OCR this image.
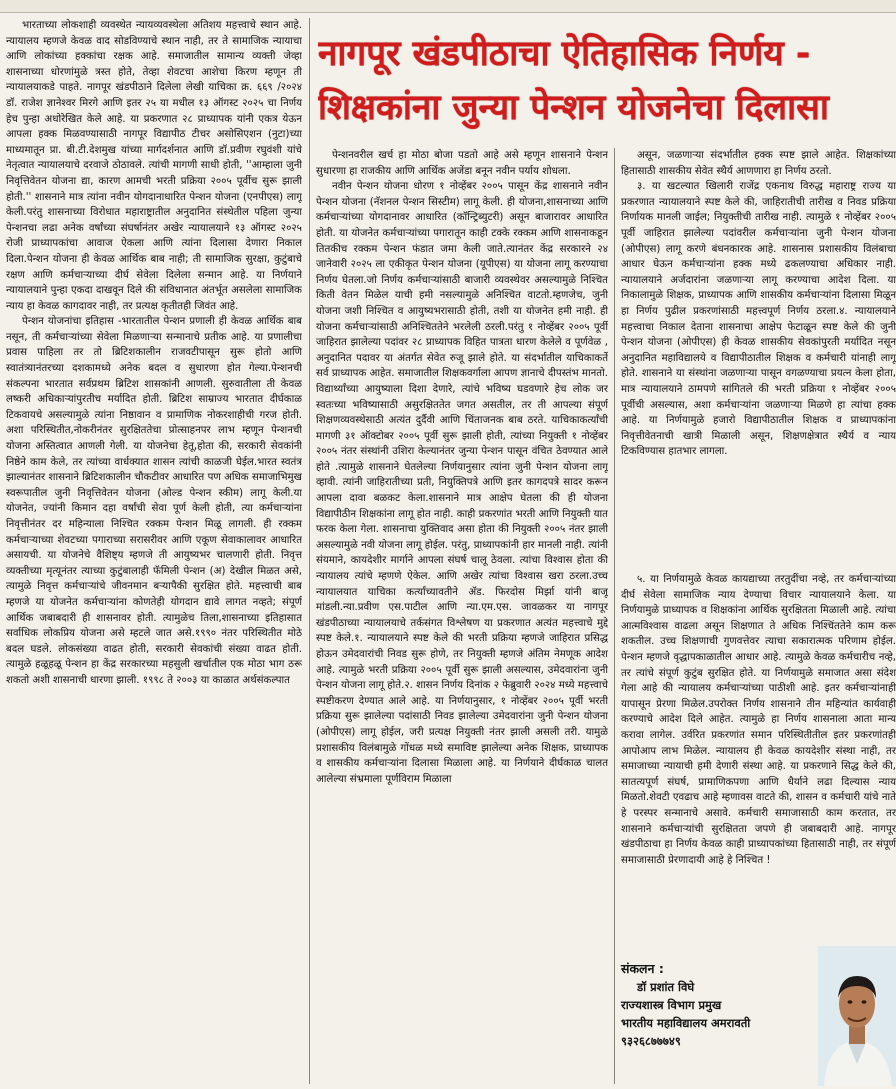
भारताच्या लोकशाही व्यवस्थेत न्यायव्यवस्थेला अतिशय महत्त्वाचे स्थान आहे. न्यायालय म्हणजे केवळ वाद सोडविण्याचे स्थान नाही, तर ते सामाजिक न्यायाचा आणि लोकांच्या हक्कांचा रक्षक आहे. समाजातील सामान्य व्यक्ती जेव्हा शासनाच्या धोरणांमुळे त्रस्त होते, तेव्हा शेवटचा आशेचा किरण म्हणून ती न्यायालयाकडे पाहते. नागपूर खंडपीठाने दिलेला लेखी याचिका क्र. ६६९ /२०२४ डॉ. राजेश ज्ञानेश्वर मिरगे आणि इतर २५ या मधील १३ ऑगस्ट २०२५ चा निर्णय हेच पुन्हा अधोरेखित केले आहे. या प्रकरणात २८ प्राध्यापक यांनी एकत्र येऊन आपला हक्क मिळवण्यासाठी नागपूर विद्यापीठ टीचर असोसिएशन (नुटा)च्या माध्यमातून प्रा. बी.टी.देशमुख यांच्या मार्गदर्शनात आणि डॉ.प्रवीण रघुवंशी यांचे नेतृत्वात न्यायालयाचे दरवाजे ठोठावले. त्यांची मागणी साधी होती, ''आम्हाला जुनी निवृत्तिवेतन योजना द्या, कारण आमची भरती प्रक्रिया २००५ पूर्वीच सुरू झाली होती.'' शासनाने मात्र त्यांना नवीन योगदानाधारित पेन्शन योजना (एनपीएस) लागू केली.परंतु शासनाच्या विरोधात महाराष्ट्रातील अनुदानित संस्थेतील पहिला जुन्या पेन्शनचा लढा अनेक वर्षांच्या संघर्षानंतर अखेर न्यायालयाने १३ ऑगस्ट २०२५ रोजी प्राध्यापकांचा आवाज ऐकला आणि त्यांना दिलासा देणारा निकाल दिला.पेन्शन योजना ही केवळ आर्थिक बाब नाही; ती सामाजिक सुरक्षा, कुटुंबाचे रक्षण आणि कर्मचाऱ्याच्या दीर्घ सेवेला दिलेला सन्मान आहे. या निर्णयाने न्यायालयाने पुन्हा एकदा दाखवून दिले की संविधानात अंतर्भूत असलेला सामाजिक न्याय हा केवळ कागदावर नाही, तर प्रत्यक्ष कृतीतही जिवंत आहे.

पेन्शन योजनांचा इतिहास -भारतातील पेन्शन प्रणाली ही केवळ आर्थिक बाब नसून, ती कर्मचाऱ्यांच्या सेवेला मिळणाऱ्या सन्मानाचे प्रतीक आहे. या प्रणालीचा प्रवास पाहिला तर तो ब्रिटिशकालीन राजवटीपासून सुरू होतो आणि स्वातंत्र्यानंतरच्या दशकामध्ये अनेक बदल व सुधारणा होत गेल्या.पेन्शनची संकल्पना भारतात सर्वप्रथम ब्रिटिश शासकांनी आणली. सुरुवातीला ती केवळ लष्करी अधिकाऱ्यांपुरतीच मर्यादित होती. ब्रिटिश साम्राज्य भारतात दीर्घकाळ टिकवायचे असल्यामुळे त्यांना निष्ठावान व प्रामाणिक नोकरशाहीची गरज होती. अशा परिस्थितीत,नोकरीनंतर सुरक्षिततेचा प्रोत्साहनपर लाभ म्हणून पेन्शनची योजना अस्तित्वात आणली गेली. या योजनेचा हेतू,होता की, सरकारी सेवकांनी निष्ठेने काम केले, तर त्यांच्या वार्धक्यात शासन त्यांची काळजी घेईल.भारत स्वतंत्र झाल्यानंतर शासनाने ब्रिटिशकालीन चौकटीवर आधारित पण अधिक समाजाभिमुख स्वरूपातील जुनी निवृत्तिवेतन योजना (ओल्ड पेन्शन स्कीम) लागू केली.या योजनेत, ज्यांनी किमान दहा वर्षांची सेवा पूर्ण केली होती, त्या कर्मचाऱ्यांना निवृत्तीनंतर दर महिन्याला निश्चित रक्कम पेन्शन मिळू लागली. ही रक्कम कर्मचाऱ्याच्या शेवटच्या पगाराच्या सरासरीवर आणि एकूण सेवाकालावर आधारित असायची. या योजनेचे वैशिष्ट्य म्हणजे ती आयुष्यभर चालणारी होती. निवृत्त व्यक्तीच्या मृत्यूनंतर त्याच्या कुटुंबालाही फॅमिली पेन्शन (अ) देखील मिळत असे, त्यामुळे निवृत्त कर्मचाऱ्यांचे जीवनमान बऱ्यापैकी सुरक्षित होते. महत्त्वाची बाब म्हणजे या योजनेत कर्मचाऱ्यांना कोणतेही योगदान द्यावे लागत नव्हते; संपूर्ण आर्थिक जबाबदारी ही शासनावर होती. त्यामुळेच तिला,शासनाच्या इतिहासात सर्वाधिक लोकप्रिय योजना असे म्हटले जात असे.१९९० नंतर परिस्थितीत मोठे बदल घडले. लोकसंख्या वाढत होती, सरकारी सेवकांची संख्या वाढत होती. त्यामुळे हळूहळू पेन्शन हा केंद्र सरकारच्या महसुली खर्चातील एक मोठा भाग ठरू शकतो अशी शासनाची धारणा झाली. १९९८ ते २००३ या काळात अर्थसंकल्पात

नागपूर खंडपीठाचा ऐतिहासिक निर्णय -
शिक्षकांना जुन्या पेन्शन योजनेचा दिलासा

पेन्शनवरील खर्च हा मोठा बोजा पडतो आहे असे म्हणून शासनाने पेन्शन सुधारणा हा राजकीय आणि आर्थिक अजेंडा बनून नवीन पर्याय शोधला.

नवीन पेन्शन योजना धोरण १ नोव्हेंबर २००५ पासून केंद्र शासनाने नवीन पेन्शन योजना (नॅशनल पेन्शन सिस्टीम) लागू केली. ही योजना,शासनाच्या आणि कर्मचाऱ्यांच्या योगदानावर आधारित (कॉन्ट्रिब्युटरी) असून बाजारावर आधारित होती. या योजनेत कर्मचाऱ्यांच्या पगारातून काही टक्के रक्कम आणि शासनाकडून तितकीच रक्कम पेन्शन फंडात जमा केली जाते.त्यानंतर केंद्र सरकारने २४ जानेवारी २०२५ ला एकीकृत पेन्शन योजना (यूपीएस) या योजना लागू करण्याचा निर्णय घेतला.जो निर्णय कर्मचाऱ्यांसाठी बाजारी व्यवस्थेवर असल्यामुळे निश्चित किती वेतन मिळेल याची हमी नसल्यामुळे अनिश्चित वाटतो.म्हणजेच, जुनी योजना जशी निश्चित व आयुष्यभरासाठी होती, तशी या योजनेत हमी नाही. ही योजना कर्मचाऱ्यांसाठी अनिश्चिततेने भरलेली ठरली.परंतु १ नोव्हेंबर २००५ पूर्वी जाहिरात झालेल्या पदांवर २८ प्राध्यापक विहित पात्रता धारण केलेले व पूर्णवेळ , अनुदानित पदावर या अंतर्गत सेवेत रुजू झाले होते. या संदर्भातील याचिकाकर्ते सर्व प्राध्यापक आहेत. समाजातील शिक्षकवर्गाला आपण ज्ञानाचे दीपस्तंभ मानतो. विद्यार्थ्यांच्या आयुष्याला दिशा देणारे, त्यांचे भविष्य घडवणारे हेच लोक जर स्वतःच्या भविष्यासाठी असुरक्षिततेत जगत असतील, तर ती आपल्या संपूर्ण शिक्षणव्यवस्थेसाठी अत्यंत दुर्दैवी आणि चिंताजनक बाब ठरते. याचिकाकर्त्यांची मागणी ३१ ऑक्टोबर २००५ पूर्वी सुरू झाली होती, त्यांच्या नियुक्ती १ नोव्हेंबर २००५ नंतर संस्थांनी उशिरा केल्यानंतर जुन्या पेन्शन पासून वंचित ठेवण्यात आले होते .त्यामुळे शासनाने घेतलेल्या निर्णयानुसार त्यांना जुनी पेन्शन योजना लागू व्हावी. त्यांनी जाहिरातीच्या प्रती, नियुक्तिपत्रे आणि इतर कागदपत्रे सादर करून आपला दावा बळकट केला.शासनाने मात्र आक्षेप घेतला की ही योजना विद्यापीठीन शिक्षकांना लागू होत नाही. काही प्रकरणांत भरती आणि नियुक्ती यात फरक केला गेला. शासनाचा युक्तिवाद असा होता की नियुक्ती २००५ नंतर झाली असल्यामुळे नवी योजना लागू होईल. परंतु, प्राध्यापकांनी हार मानली नाही. त्यांनी संयमाने, कायदेशीर मार्गाने आपला संघर्ष चालू ठेवला. त्यांचा विश्वास होता की न्यायालय त्यांचे म्हणणे ऐकेल. आणि अखेर त्यांचा विश्वास खरा ठरला.उच्च न्यायालयात याचिका कर्त्यांच्यावतीने ॲड. फिरदोस मिर्झा यांनी बाजू मांडली.न्या.प्रवीण एस.पाटील आणि न्या.एम.एस. जावळकर या नागपूर खंडपीठाच्या न्यायालयाचे तर्कसंगत विश्लेषण या प्रकरणात अत्यंत महत्त्वाचे मुद्दे स्पष्ट केले.१. न्यायालयाने स्पष्ट केले की भरती प्रक्रिया म्हणजे जाहिरात प्रसिद्ध होऊन उमेदवारांची निवड सुरू होणे, तर नियुक्ती म्हणजे अंतिम नेमणूक आदेश आहे. त्यामुळे भरती प्रक्रिया २००५ पूर्वी सुरू झाली असल्यास, उमेदवारांना जुनी पेन्शन योजना लागू होते.२. शासन निर्णय दिनांक २ फेब्रुवारी २०२४ मध्ये महत्त्वाचे स्पष्टीकरण देण्यात आले आहे. या निर्णयानुसार, १ नोव्हेंबर २००५ पूर्वी भरती प्रक्रिया सुरू झालेल्या पदांसाठी निवड झालेल्या उमेदवारांना जुनी पेन्शन योजना (ओपीएस) लागू होईल, जरी प्रत्यक्ष नियुक्ती नंतर झाली असली तरी. यामुळे प्रशासकीय विलंबामुळे गोंधळ मध्ये समाविष्ट झालेल्या अनेक शिक्षक, प्राध्यापक व शासकीय कर्मचाऱ्यांना दिलासा मिळाला आहे. या निर्णयाने दीर्घकाळ चालत आलेल्या संभ्रमाला पूर्णविराम मिळाला

असून, जळणाऱ्या संदर्भातील हक्क स्पष्ट झाले आहेत. शिक्षकांच्या हितासाठी शासकीय सेवेत स्थैर्य आणणारा हा निर्णय ठरतो.

३. या खटल्यात खिलारी राजेंद्र एकनाथ विरुद्ध महाराष्ट्र राज्य या प्रकरणात न्यायालयाने स्पष्ट केले की, जाहिरातीची तारीख व निवड प्रक्रिया निर्णायक मानली जाईल; नियुक्तीची तारीख नाही. त्यामुळे १ नोव्हेंबर २००५ पूर्वी जाहिरात झालेल्या पदांवरील कर्मचाऱ्यांना जुनी पेन्शन योजना (ओपीएस) लागू करणे बंधनकारक आहे. शासनास प्रशासकीय विलंबाचा आधार घेऊन कर्मचाऱ्यांना हक्क मध्ये ढकलण्याचा अधिकार नाही. न्यायालयाने अर्जदारांना जळणाऱ्या लागू करण्याचा आदेश दिला. या निकालामुळे शिक्षक, प्राध्यापक आणि शासकीय कर्मचाऱ्यांना दिलासा मिळून हा निर्णय पुढील प्रकरणांसाठी महत्त्वपूर्ण निर्णय ठरला.४. न्यायालयाने महत्त्वाचा निकाल देताना शासनाचा आक्षेप फेटाळून स्पष्ट केले की जुनी पेन्शन योजना (ओपीएस) ही केवळ शासकीय सेवकांपुरती मर्यादित नसून अनुदानित महाविद्यालये व विद्यापीठातील शिक्षक व कर्मचारी यांनाही लागू होते. शासनाने या संस्थांना जळणाऱ्या पासून वगळण्याचा प्रयत्न केला होता, मात्र न्यायालयाने ठामपणे सांगितले की भरती प्रक्रिया १ नोव्हेंबर २००५ पूर्वीची असल्यास, अशा कर्मचाऱ्यांना जळणाऱ्या मिळणे हा त्यांचा हक्क आहे. या निर्णयामुळे हजारो विद्यापीठातील शिक्षक व प्राध्यापकांना निवृत्तीवेतनाची खात्री मिळाली असून, शिक्षणक्षेत्रात स्थैर्य व न्याय टिकविण्यास हातभार लागला.

५. या निर्णयामुळे केवळ कायद्याच्या तरतुदींचा नव्हे, तर कर्मचाऱ्यांच्या दीर्घ सेवेला सामाजिक न्याय देण्याचा विचार न्यायालयाने केला. या निर्णयामुळे प्राध्यापक व शिक्षकांना आर्थिक सुरक्षितता मिळाली आहे. त्यांचा आत्मविश्वास वाढला असून शिक्षणात ते अधिक निश्चिंततेने काम करू शकतील. उच्च शिक्षणाची गुणवत्तेवर त्याचा सकारात्मक परिणाम होईल. पेन्शन म्हणजे वृद्धापकाळातील आधार आहे. त्यामुळे केवळ कर्मचारीच नव्हे, तर त्यांचे संपूर्ण कुटुंब सुरक्षित होते. या निर्णयामुळे समाजात असा संदेश गेला आहे की न्यायालय कर्मचाऱ्यांच्या पाठीशी आहे. इतर कर्मचाऱ्यांनाही यापासून प्रेरणा मिळेल.उपरोक्त निर्णय शासनाने तीन महिन्यांत कार्यवाही करण्याचे आदेश दिले आहेत. त्यामुळे हा निर्णय शासनाला आता मान्य करावा लागेल. उर्वरित प्रकरणांत समान परिस्थितीतील इतर प्रकरणांतही आपोआप लाभ मिळेल. न्यायालय ही केवळ कायदेशीर संस्था नाही, तर समाजाच्या न्यायाची हमी देणारी संस्था आहे. या प्रकरणाने सिद्ध केले की, सातत्यपूर्ण संघर्ष, प्रामाणिकपणा आणि धैर्याने लढा दिल्यास न्याय मिळतो.शेवटी एवढाच आहे म्हणावस वाटते की, शासन व कर्मचारी यांचे नाते हे परस्पर सन्मानाचे असावे. कर्मचारी समाजासाठी काम करतात, तर शासनाने कर्मचाऱ्यांची सुरक्षितता जपणे ही जबाबदारी आहे. नागपूर खंडपीठाचा हा निर्णय केवळ काही प्राध्यापकांच्या हितासाठी नाही, तर संपूर्ण समाजासाठी प्रेरणादायी आहे हे निश्चित !

संकलन :
डॉ प्रशांत विघे
राज्यशास्त्र विभाग प्रमुख
भारतीय महाविद्यालय अमरावती
९३२६८७७७४९
